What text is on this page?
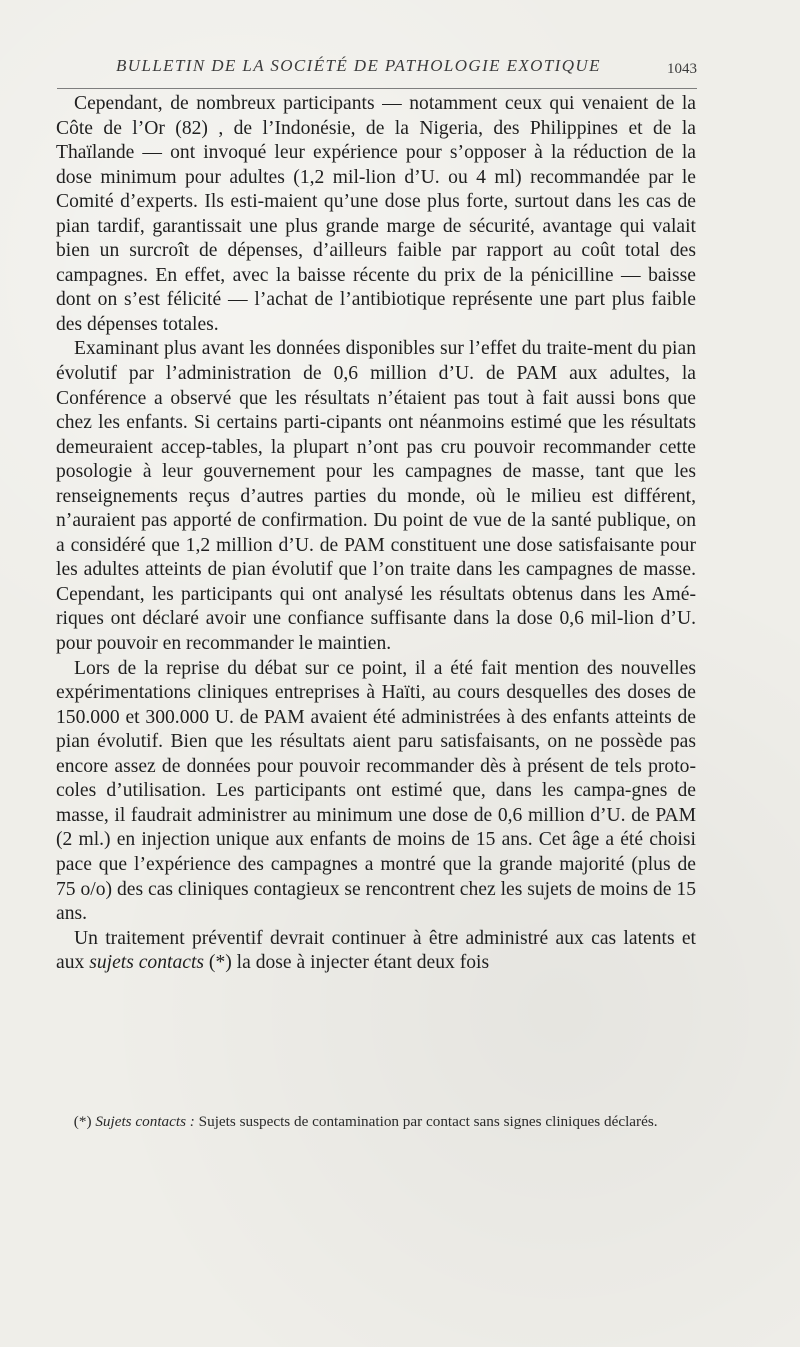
BULLETIN DE LA SOCIÉTÉ DE PATHOLOGIE EXOTIQUE	1043

Cependant, de nombreux participants — notamment ceux qui venaient de la Côte de l’Or (82) , de l’Indonésie, de la Nigeria, des Philippines et de la Thaïlande — ont invoqué leur expérience pour s’opposer à la réduction de la dose minimum pour adultes (1,2 mil-lion d’U. ou 4 ml) recommandée par le Comité d’experts. Ils esti-maient qu’une dose plus forte, surtout dans les cas de pian tardif, garantissait une plus grande marge de sécurité, avantage qui valait bien un surcroît de dépenses, d’ailleurs faible par rapport au coût total des campagnes. En effet, avec la baisse récente du prix de la pénicilline — baisse dont on s’est félicité — l’achat de l’antibiotique représente une part plus faible des dépenses totales.

Examinant plus avant les données disponibles sur l’effet du traite-ment du pian évolutif par l’administration de 0,6 million d’U. de PAM aux adultes, la Conférence a observé que les résultats n’étaient pas tout à fait aussi bons que chez les enfants. Si certains parti-cipants ont néanmoins estimé que les résultats demeuraient accep-tables, la plupart n’ont pas cru pouvoir recommander cette posologie à leur gouvernement pour les campagnes de masse, tant que les renseignements reçus d’autres parties du monde, où le milieu est différent, n’auraient pas apporté de confirmation. Du point de vue de la santé publique, on a considéré que 1,2 million d’U. de PAM constituent une dose satisfaisante pour les adultes atteints de pian évolutif que l’on traite dans les campagnes de masse. Cependant, les participants qui ont analysé les résultats obtenus dans les Amé-riques ont déclaré avoir une confiance suffisante dans la dose 0,6 mil-lion d’U. pour pouvoir en recommander le maintien.

Lors de la reprise du débat sur ce point, il a été fait mention des nouvelles expérimentations cliniques entreprises à Haïti, au cours desquelles des doses de 150.000 et 300.000 U. de PAM avaient été administrées à des enfants atteints de pian évolutif. Bien que les résultats aient paru satisfaisants, on ne possède pas encore assez de données pour pouvoir recommander dès à présent de tels proto-coles d’utilisation. Les participants ont estimé que, dans les campa-gnes de masse, il faudrait administrer au minimum une dose de 0,6 million d’U. de PAM (2 ml.) en injection unique aux enfants de moins de 15 ans. Cet âge a été choisi pace que l’expérience des campagnes a montré que la grande majorité (plus de 75 o/o) des cas cliniques contagieux se rencontrent chez les sujets de moins de 15 ans.

Un traitement préventif devrait continuer à être administré aux cas latents et aux sujets contacts (*) la dose à injecter étant deux fois

(*) Sujets contacts : Sujets suspects de contamination par contact sans signes cliniques déclarés.
